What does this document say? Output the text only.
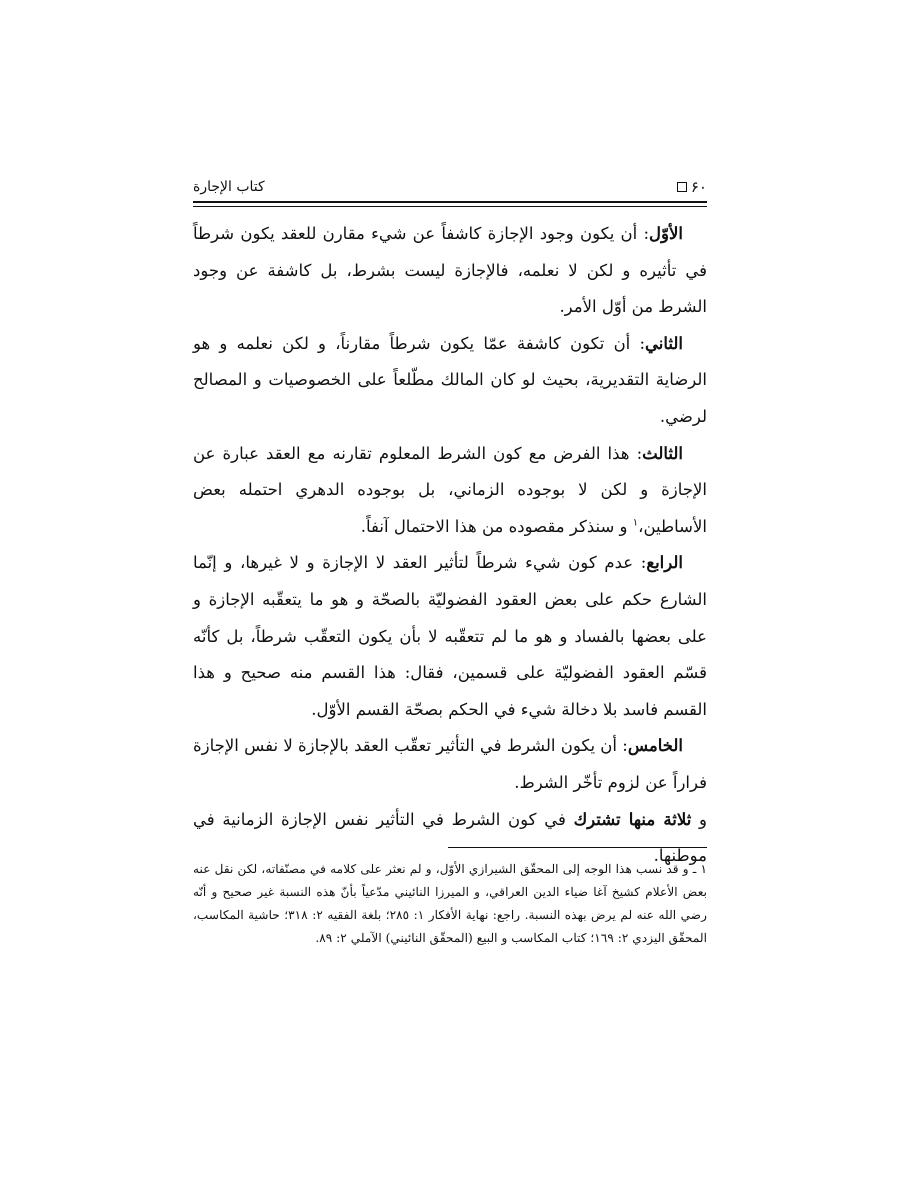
۶۰
کتاب الإجارة

الأوّل: أن يكون وجود الإجازة كاشفاً عن شيء مقارن للعقد يكون شرطاً في تأثيره و لكن لا نعلمه، فالإجازة ليست بشرط، بل كاشفة عن وجود الشرط من أوّل الأمر.

الثاني: أن تكون كاشفة عمّا يكون شرطاً مقارناً، و لكن نعلمه و هو الرضاية التقديرية، بحيث لو كان المالك مطّلعاً على الخصوصيات و المصالح لرضي.

الثالث: هذا الفرض مع كون الشرط المعلوم تقارنه مع العقد عبارة عن الإجازة و لكن لا بوجوده الزماني، بل بوجوده الدهري احتمله بعض الأساطين،$^١$ و سنذكر مقصوده من هذا الاحتمال آنفاً.

الرابع: عدم كون شيء شرطاً لتأثير العقد لا الإجازة و لا غيرها، و إنّما الشارع حكم على بعض العقود الفضوليّة بالصحّة و هو ما يتعقّبه الإجازة و على بعضها بالفساد و هو ما لم تتعقّبه لا بأن يكون التعقّب شرطاً، بل كأنّه قسّم العقود الفضوليّة على قسمين، فقال: هذا القسم منه صحيح و هذا القسم فاسد بلا دخالة شيء في الحكم بصحّة القسم الأوّل.

الخامس: أن يكون الشرط في التأثير تعقّب العقد بالإجازة لا نفس الإجازة فراراً عن لزوم تأخّر الشرط.

و ثلاثة منها تشترك في كون الشرط في التأثير نفس الإجازة الزمانية في موطنها.

١ ـ و قد نسب هذا الوجه إلى المحقّق الشيرازي الأوّل، و لم نعثر على كلامه في مصنّفاته، لكن نقل عنه بعض الأعلام كشيخ آغا ضياء الدين العراقي، و الميرزا النائيني مدّعياً بأنّ هذه النسبة غير صحيح و أنّه رضي الله عنه لم يرض بهذه النسبة. راجع: نهاية الأفكار ١: ٢٨٥؛ بلغة الفقيه ٢: ٣١٨؛ حاشية المكاسب، المحقّق اليزدي ٢: ١٦٩؛ كتاب المكاسب و البيع (المحقّق النائيني) الآملي ٢: ٨٩.
